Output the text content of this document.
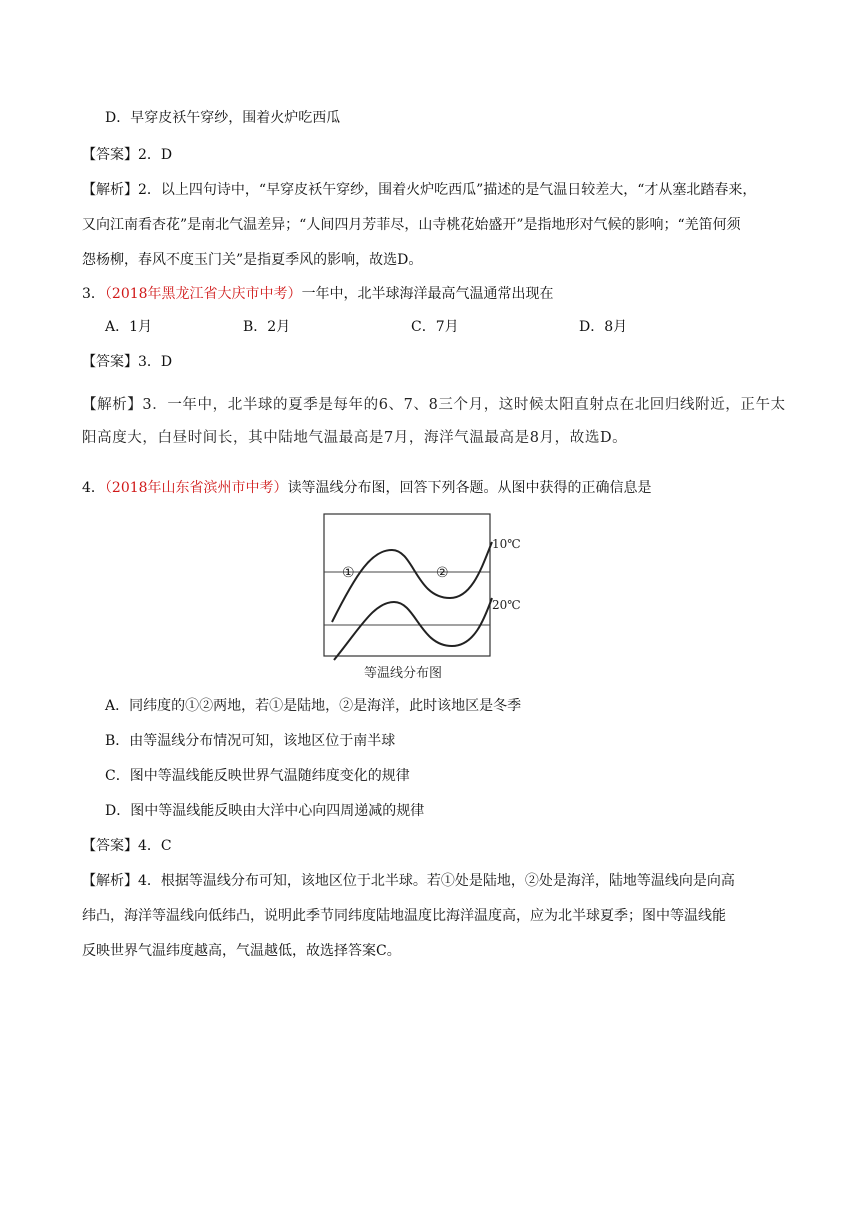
D．早穿皮袄午穿纱，围着火炉吃西瓜
【答案】2．D
【解析】2．以上四句诗中，“早穿皮袄午穿纱，围着火炉吃西瓜”描述的是气温日较差大，“才从塞北踏春来，
又向江南看杏花”是南北气温差异；“人间四月芳菲尽，山寺桃花始盛开”是指地形对气候的影响；“羌笛何须
怨杨柳，春风不度玉门关”是指夏季风的影响，故选D。
3．（2018年黑龙江省大庆市中考）一年中，北半球海洋最高气温通常出现在
A．1月	B．2月	C．7月	D．8月
【答案】3．D
【解析】3．一年中，北半球的夏季是每年的6、7、8三个月，这时候太阳直射点在北回归线附近，正午太
阳高度大，白昼时间长，其中陆地气温最高是7月，海洋气温最高是8月，故选D。
4．（2018年山东省滨州市中考）读等温线分布图，回答下列各题。从图中获得的正确信息是
①	②
10℃
20℃
等温线分布图
A．同纬度的①②两地，若①是陆地，②是海洋，此时该地区是冬季
B．由等温线分布情况可知，该地区位于南半球
C．图中等温线能反映世界气温随纬度变化的规律
D．图中等温线能反映由大洋中心向四周递减的规律
【答案】4．C
【解析】4．根据等温线分布可知，该地区位于北半球。若①处是陆地，②处是海洋，陆地等温线向是向高
纬凸，海洋等温线向低纬凸，说明此季节同纬度陆地温度比海洋温度高，应为北半球夏季；图中等温线能
反映世界气温纬度越高，气温越低，故选择答案C。
